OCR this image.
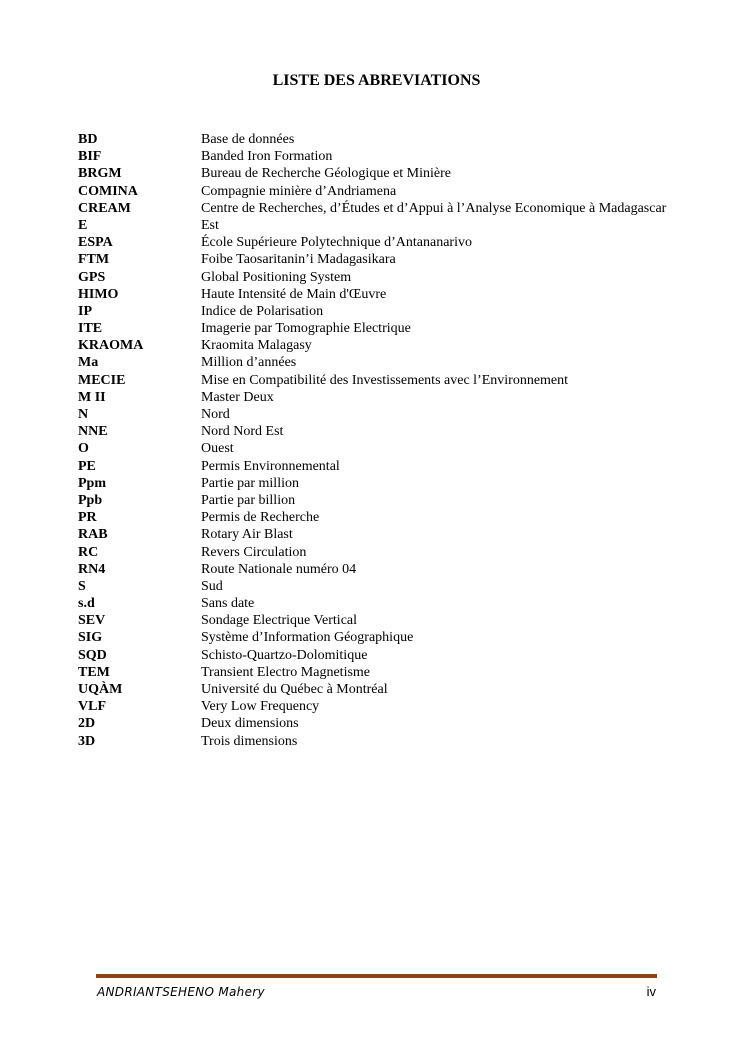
LISTE DES ABREVIATIONS
BD	Base de données
BIF	Banded Iron Formation
BRGM	Bureau de Recherche Géologique et Minière
COMINA	Compagnie minière d’Andriamena
CREAM	Centre de Recherches, d’Études et d’Appui à l’Analyse Economique à Madagascar
E	Est
ESPA	École Supérieure Polytechnique d’Antananarivo
FTM	Foibe Taosaritanin’i Madagasikara
GPS	Global Positioning System
HIMO	Haute Intensité de Main d'Œuvre
IP	Indice de Polarisation
ITE	Imagerie par Tomographie Electrique
KRAOMA	Kraomita Malagasy
Ma	Million d’années
MECIE	Mise en Compatibilité des Investissements avec l’Environnement
M II	Master Deux
N	Nord
NNE	Nord Nord Est
O	Ouest
PE	Permis Environnemental
Ppm	Partie par million
Ppb	Partie par billion
PR	Permis de Recherche
RAB	Rotary Air Blast
RC	Revers Circulation
RN4	Route Nationale numéro 04
S	Sud
s.d	Sans date
SEV	Sondage Electrique Vertical
SIG	Système d’Information Géographique
SQD	Schisto-Quartzo-Dolomitique
TEM	Transient Electro Magnetisme
UQÀM	Université du Québec à Montréal
VLF	Very Low Frequency
2D	Deux dimensions
3D	Trois dimensions
ANDRIANTSEHENO Mahery	iv
